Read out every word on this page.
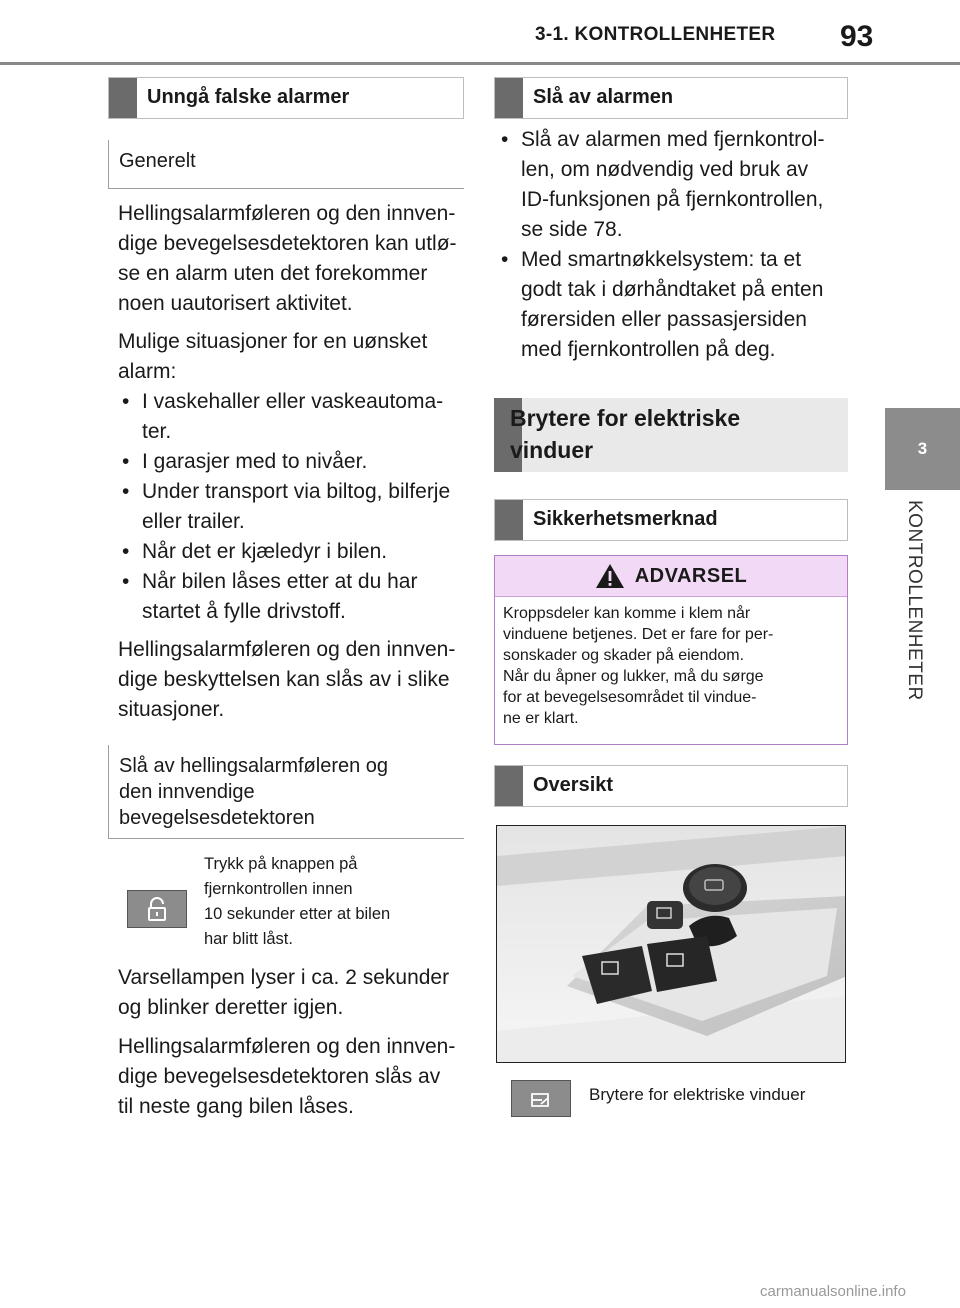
3-1. KONTROLLENHETER 93
3
KONTROLLENHETER
Unngå falske alarmer
Generelt
Hellingsalarmføleren og den innven-
dige bevegelsesdetektoren kan utlø-
se en alarm uten det forekommer
noen uautorisert aktivitet.
Mulige situasjoner for en uønsket
alarm:
• I vaskehaller eller vaskeautoma-
ter.
• I garasjer med to nivåer.
• Under transport via biltog, bilferje
eller trailer.
• Når det er kjæledyr i bilen.
• Når bilen låses etter at du har
startet å fylle drivstoff.
Hellingsalarmføleren og den innven-
dige beskyttelsen kan slås av i slike
situasjoner.
Slå av hellingsalarmføleren og
den innvendige
bevegelsesdetektoren
Trykk på knappen på
fjernkontrollen innen
10 sekunder etter at bilen
har blitt låst.
Varsellampen lyser i ca. 2 sekunder
og blinker deretter igjen.
Hellingsalarmføleren og den innven-
dige bevegelsesdetektoren slås av
til neste gang bilen låses.
Slå av alarmen
• Slå av alarmen med fjernkontrol-
len, om nødvendig ved bruk av
ID-funksjonen på fjernkontrollen,
se side 78.
• Med smartnøkkelsystem: ta et
godt tak i dørhåndtaket på enten
førersiden eller passasjersiden
med fjernkontrollen på deg.
Brytere for elektriske
vinduer
Sikkerhetsmerknad
ADVARSEL
Kroppsdeler kan komme i klem når
vinduene betjenes. Det er fare for per-
sonskader og skader på eiendom.
Når du åpner og lukker, må du sørge
for at bevegelsesområdet til vindue-
ne er klart.
Oversikt
Brytere for elektriske vinduer
carmanualsonline.info
